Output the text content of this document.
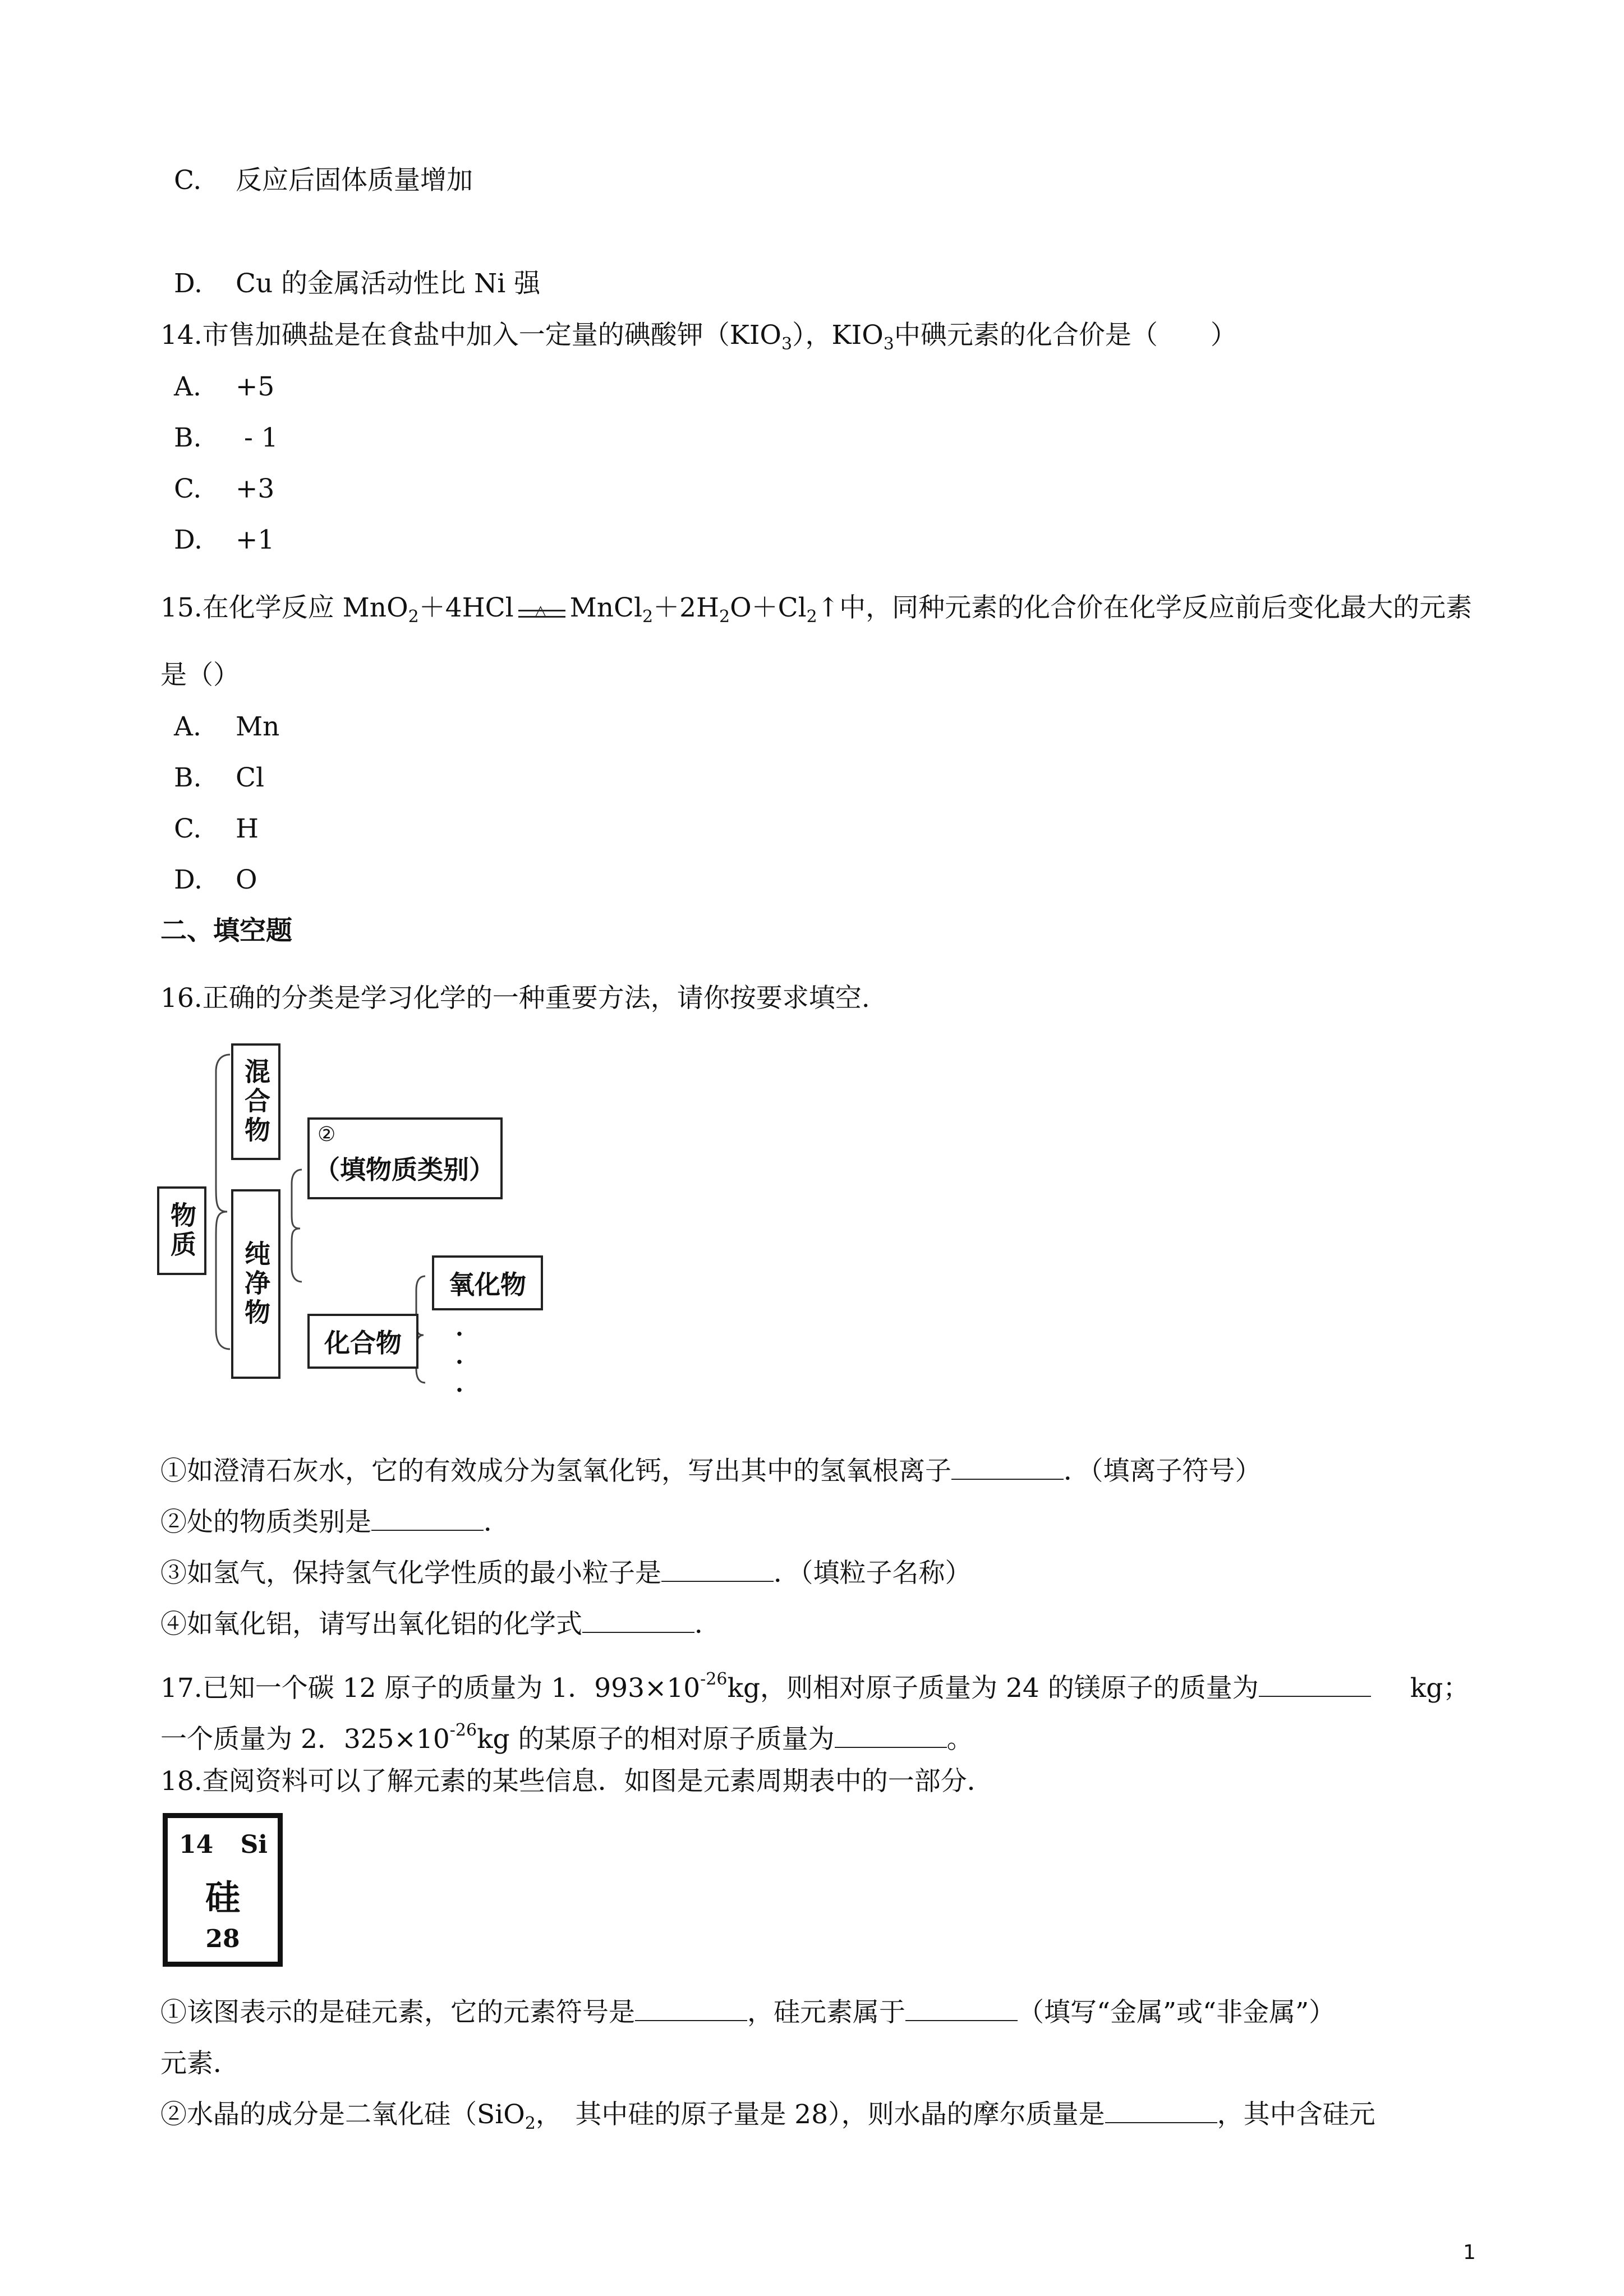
C. 反应后固体质量增加
D. Cu 的金属活动性比 Ni 强
14.市售加碘盐是在食盐中加入一定量的碘酸钾$(KIO_3)$，$KIO_3$中碘元素的化合价是（　　）
A. +5
B. - 1
C. +3
D. +1
15.在化学反应 MnO$_2$＋4HCl △ $MnCl_2+2H_2O+Cl_2↑$中，同种元素的化合价在化学反应前后变化最大的元素
是（）
A. Mn
B. Cl
C. H
D. O
二、填空题
16.正确的分类是学习化学的一种重要方法，请你按要求填空.
物质
混合物
纯净物
②
（填物质类别）
化合物
氧化物
·
·
·
①如澄清石灰水，它的有效成分为氢氧化钙，写出其中的氢氧根离子	．（填离子符号）
②处的物质类别是	．
③如氢气，保持氢气化学性质的最小粒子是	．（填粒子名称）
④如氧化铝，请写出氧化铝的化学式	．
17.已知一个碳 12 原子的质量为 1．$993\times 10^{-26}kg$，则相对原子质量为 24 的镁原子的质量为	kg；
一个质量为 2．$325\times 10^{-26}kg$ 的某原子的相对原子质量为	。
18.查阅资料可以了解元素的某些信息．如图是元素周期表中的一部分．
14 Si
硅
28
①该图表示的是硅元素，它的元素符号是	，硅元素属于	（填写“金属”或“非金属”）
元素．
②水晶的成分是二氧化硅（SiO$_2$，　其中硅的原子量是 28），则水晶的摩尔质量是	，其中含硅元
1
